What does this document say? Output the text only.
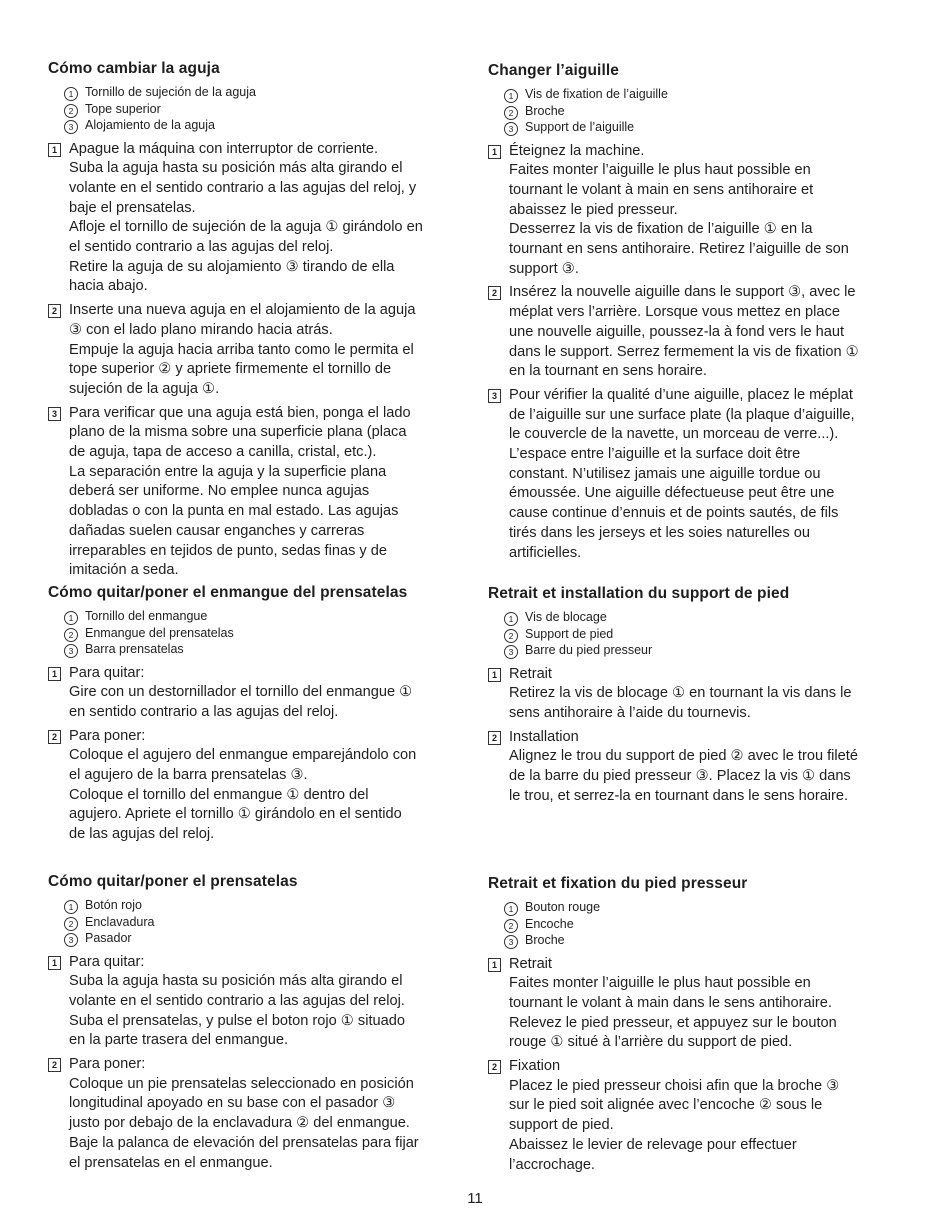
Cómo cambiar la aguja
1 Tornillo de sujeción de la aguja
2 Tope superior
3 Alojamiento de la aguja
1 Apague la máquina con interruptor de corriente.
Suba la aguja hasta su posición más alta girando el
volante en el sentido contrario a las agujas del reloj, y
baje el prensatelas.
Afloje el tornillo de sujeción de la aguja ① girándolo en
el sentido contrario a las agujas del reloj.
Retire la aguja de su alojamiento ③ tirando de ella
hacia abajo.
2 Inserte una nueva aguja en el alojamiento de la aguja
③ con el lado plano mirando hacia atrás.
Empuje la aguja hacia arriba tanto como le permita el
tope superior ② y apriete firmemente el tornillo de
sujeción de la aguja ①.
3 Para verificar que una aguja está bien, ponga el lado
plano de la misma sobre una superficie plana (placa
de aguja, tapa de acceso a canilla, cristal, etc.).
La separación entre la aguja y la superficie plana
deberá ser uniforme. No emplee nunca agujas
dobladas o con la punta en mal estado. Las agujas
dañadas suelen causar enganches y carreras
irreparables en tejidos de punto, sedas finas y de
imitación a seda.
Cómo quitar/poner el enmangue del prensatelas
1 Tornillo del enmangue
2 Enmangue del prensatelas
3 Barra prensatelas
1 Para quitar:
Gire con un destornillador el tornillo del enmangue ①
en sentido contrario a las agujas del reloj.
2 Para poner:
Coloque el agujero del enmangue emparejándolo con
el agujero de la barra prensatelas ③.
Coloque el tornillo del enmangue ① dentro del
agujero. Apriete el tornillo ① girándolo en el sentido
de las agujas del reloj.
Cómo quitar/poner el prensatelas
1 Botón rojo
2 Enclavadura
3 Pasador
1 Para quitar:
Suba la aguja hasta su posición más alta girando el
volante en el sentido contrario a las agujas del reloj.
Suba el prensatelas, y pulse el boton rojo ① situado
en la parte trasera del enmangue.
2 Para poner:
Coloque un pie prensatelas seleccionado en posición
longitudinal apoyado en su base con el pasador ③
justo por debajo de la enclavadura ② del enmangue.
Baje la palanca de elevación del prensatelas para fijar
el prensatelas en el enmangue.
Changer l’aiguille
1 Vis de fixation de l’aiguille
2 Broche
3 Support de l’aiguille
1 Éteignez la machine.
Faites monter l’aiguille le plus haut possible en
tournant le volant à main en sens antihoraire et
abaissez le pied presseur.
Desserrez la vis de fixation de l’aiguille ① en la
tournant en sens antihoraire. Retirez l’aiguille de son
support ③.
2 Insérez la nouvelle aiguille dans le support ③, avec le
méplat vers l’arrière. Lorsque vous mettez en place
une nouvelle aiguille, poussez-la à fond vers le haut
dans le support. Serrez fermement la vis de fixation ①
en la tournant en sens horaire.
3 Pour vérifier la qualité d’une aiguille, placez le méplat
de l’aiguille sur une surface plate (la plaque d’aiguille,
le couvercle de la navette, un morceau de verre...).
L’espace entre l’aiguille et la surface doit être
constant. N’utilisez jamais une aiguille tordue ou
émoussée. Une aiguille défectueuse peut être une
cause continue d’ennuis et de points sautés, de fils
tirés dans les jerseys et les soies naturelles ou
artificielles.
Retrait et installation du support de pied
1 Vis de blocage
2 Support de pied
3 Barre du pied presseur
1 Retrait
Retirez la vis de blocage ① en tournant la vis dans le
sens antihoraire à l’aide du tournevis.
2 Installation
Alignez le trou du support de pied ② avec le trou fileté
de la barre du pied presseur ③. Placez la vis ① dans
le trou, et serrez-la en tournant dans le sens horaire.
Retrait et fixation du pied presseur
1 Bouton rouge
2 Encoche
3 Broche
1 Retrait
Faites monter l’aiguille le plus haut possible en
tournant le volant à main dans le sens antihoraire.
Relevez le pied presseur, et appuyez sur le bouton
rouge ① situé à l’arrière du support de pied.
2 Fixation
Placez le pied presseur choisi afin que la broche ③
sur le pied soit alignée avec l’encoche ② sous le
support de pied.
Abaissez le levier de relevage pour effectuer
l’accrochage.
11
